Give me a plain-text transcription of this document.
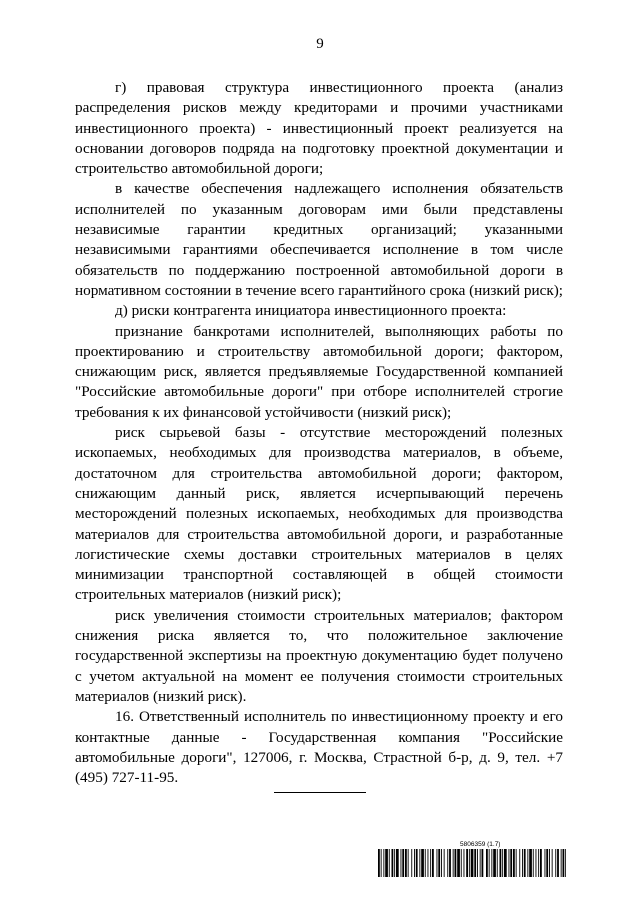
9

г) правовая структура инвестиционного проекта (анализ распределения рисков между кредиторами и прочими участниками инвестиционного проекта) - инвестиционный проект реализуется на основании договоров подряда на подготовку проектной документации и строительство автомобильной дороги;

в качестве обеспечения надлежащего исполнения обязательств исполнителей по указанным договорам ими были представлены независимые гарантии кредитных организаций; указанными независимыми гарантиями обеспечивается исполнение в том числе обязательств по поддержанию построенной автомобильной дороги в нормативном состоянии в течение всего гарантийного срока (низкий риск);

д) риски контрагента инициатора инвестиционного проекта:

признание банкротами исполнителей, выполняющих работы по проектированию и строительству автомобильной дороги; фактором, снижающим риск, является предъявляемые Государственной компанией "Российские автомобильные дороги" при отборе исполнителей строгие требования к их финансовой устойчивости (низкий риск);

риск сырьевой базы - отсутствие месторождений полезных ископаемых, необходимых для производства материалов, в объеме, достаточном для строительства автомобильной дороги; фактором, снижающим данный риск, является исчерпывающий перечень месторождений полезных ископаемых, необходимых для производства материалов для строительства автомобильной дороги, и разработанные логистические схемы доставки строительных материалов в целях минимизации транспортной составляющей в общей стоимости строительных материалов (низкий риск);

риск увеличения стоимости строительных материалов; фактором снижения риска является то, что положительное заключение государственной экспертизы на проектную документацию будет получено с учетом актуальной на момент ее получения стоимости строительных материалов (низкий риск).

16. Ответственный исполнитель по инвестиционному проекту и его контактные данные - Государственная компания "Российские автомобильные дороги", 127006, г. Москва, Страстной б-р, д. 9, тел. +7 (495) 727-11-95.

5806359 (1.7)
